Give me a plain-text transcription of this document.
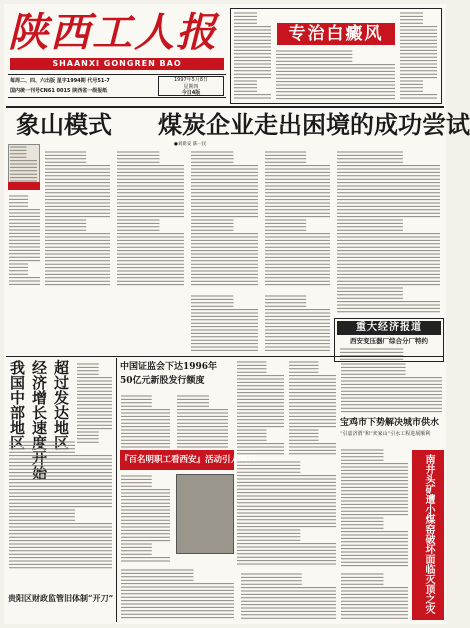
陕西工人报
SHAANXI GONGREN BAO
每周二、四、六出版 星字1994期 代号51-7
国内统一刊号CN61 0015 陕西省一级报纸
1997年5月8日
星期四
今日4版
专治白癜风
象山模式 煤炭企业走出困境的成功尝试
●刘新安 陈一民
重大经济报道
西安变压器厂综合分厂特约
我国中部地区 经济增长速度开始 超过发达地区	中国证监会下达1996年
50亿元新股发行额度
『百名明职工看西安』活动引人瞩目
宝鸡市下势解决城市供水
“引嘉济渭”和“羑家山”引水工程进展顺利
南井头矿遭小煤窑破坏面临灭顶之灾
贵阳区财政监管旧体制“开刀”
